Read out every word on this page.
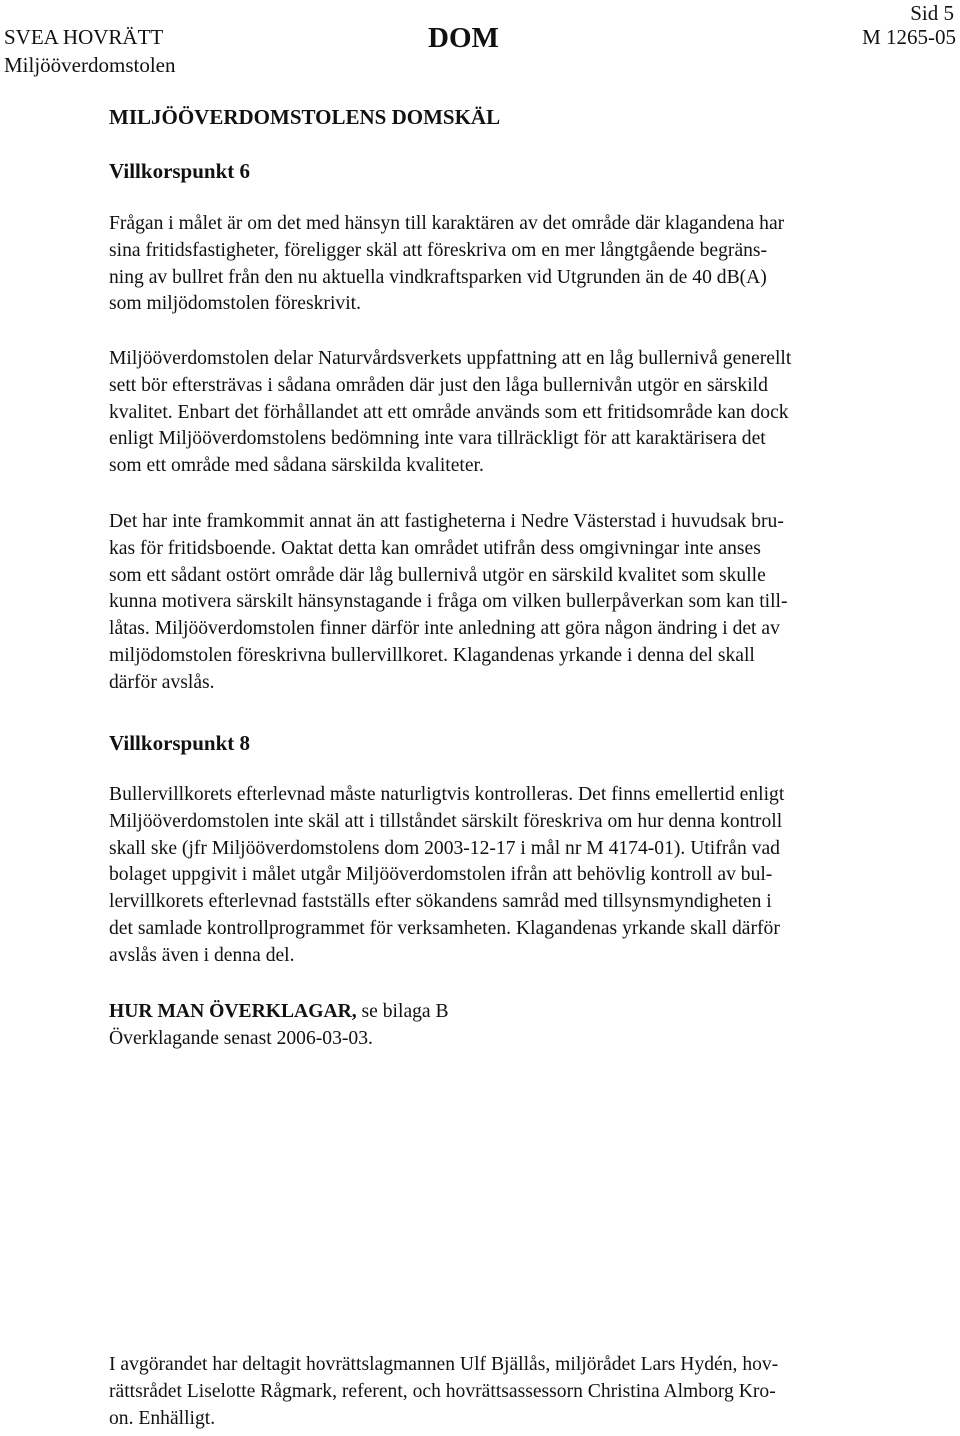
Sid 5
SVEA HOVRÄTT
Miljööverdomstolen
DOM	M 1265-05
MILJÖÖVERDOMSTOLENS DOMSKÄL
Villkorspunkt 6
Frågan i målet är om det med hänsyn till karaktären av det område där klagandena har
sina fritidsfastigheter, föreligger skäl att föreskriva om en mer långtgående begräns-
ning av bullret från den nu aktuella vindkraftsparken vid Utgrunden än de 40 dB(A)
som miljödomstolen föreskrivit.
Miljööverdomstolen delar Naturvårdsverkets uppfattning att en låg bullernivå generellt
sett bör eftersträvas i sådana områden där just den låga bullernivån utgör en särskild
kvalitet. Enbart det förhållandet att ett område används som ett fritidsområde kan dock
enligt Miljööverdomstolens bedömning inte vara tillräckligt för att karaktärisera det
som ett område med sådana särskilda kvaliteter.
Det har inte framkommit annat än att fastigheterna i Nedre Västerstad i huvudsak bru-
kas för fritidsboende. Oaktat detta kan området utifrån dess omgivningar inte anses
som ett sådant ostört område där låg bullernivå utgör en särskild kvalitet som skulle
kunna motivera särskilt hänsynstagande i fråga om vilken bullerpåverkan som kan till-
låtas. Miljööverdomstolen finner därför inte anledning att göra någon ändring i det av
miljödomstolen föreskrivna bullervillkoret. Klagandenas yrkande i denna del skall
därför avslås.
Villkorspunkt 8
Bullervillkorets efterlevnad måste naturligtvis kontrolleras. Det finns emellertid enligt
Miljööverdomstolen inte skäl att i tillståndet särskilt föreskriva om hur denna kontroll
skall ske (jfr Miljööverdomstolens dom 2003-12-17 i mål nr M 4174-01). Utifrån vad
bolaget uppgivit i målet utgår Miljööverdomstolen ifrån att behövlig kontroll av bul-
lervillkorets efterlevnad fastställs efter sökandens samråd med tillsynsmyndigheten i
det samlade kontrollprogrammet för verksamheten. Klagandenas yrkande skall därför
avslås även i denna del.
HUR MAN ÖVERKLAGAR, se bilaga B
Överklagande senast 2006-03-03.
I avgörandet har deltagit hovrättslagmannen Ulf Bjällås, miljörådet Lars Hydén, hov-
rättsrådet Liselotte Rågmark, referent, och hovrättsassessorn Christina Almborg Kro-
on. Enhälligt.
